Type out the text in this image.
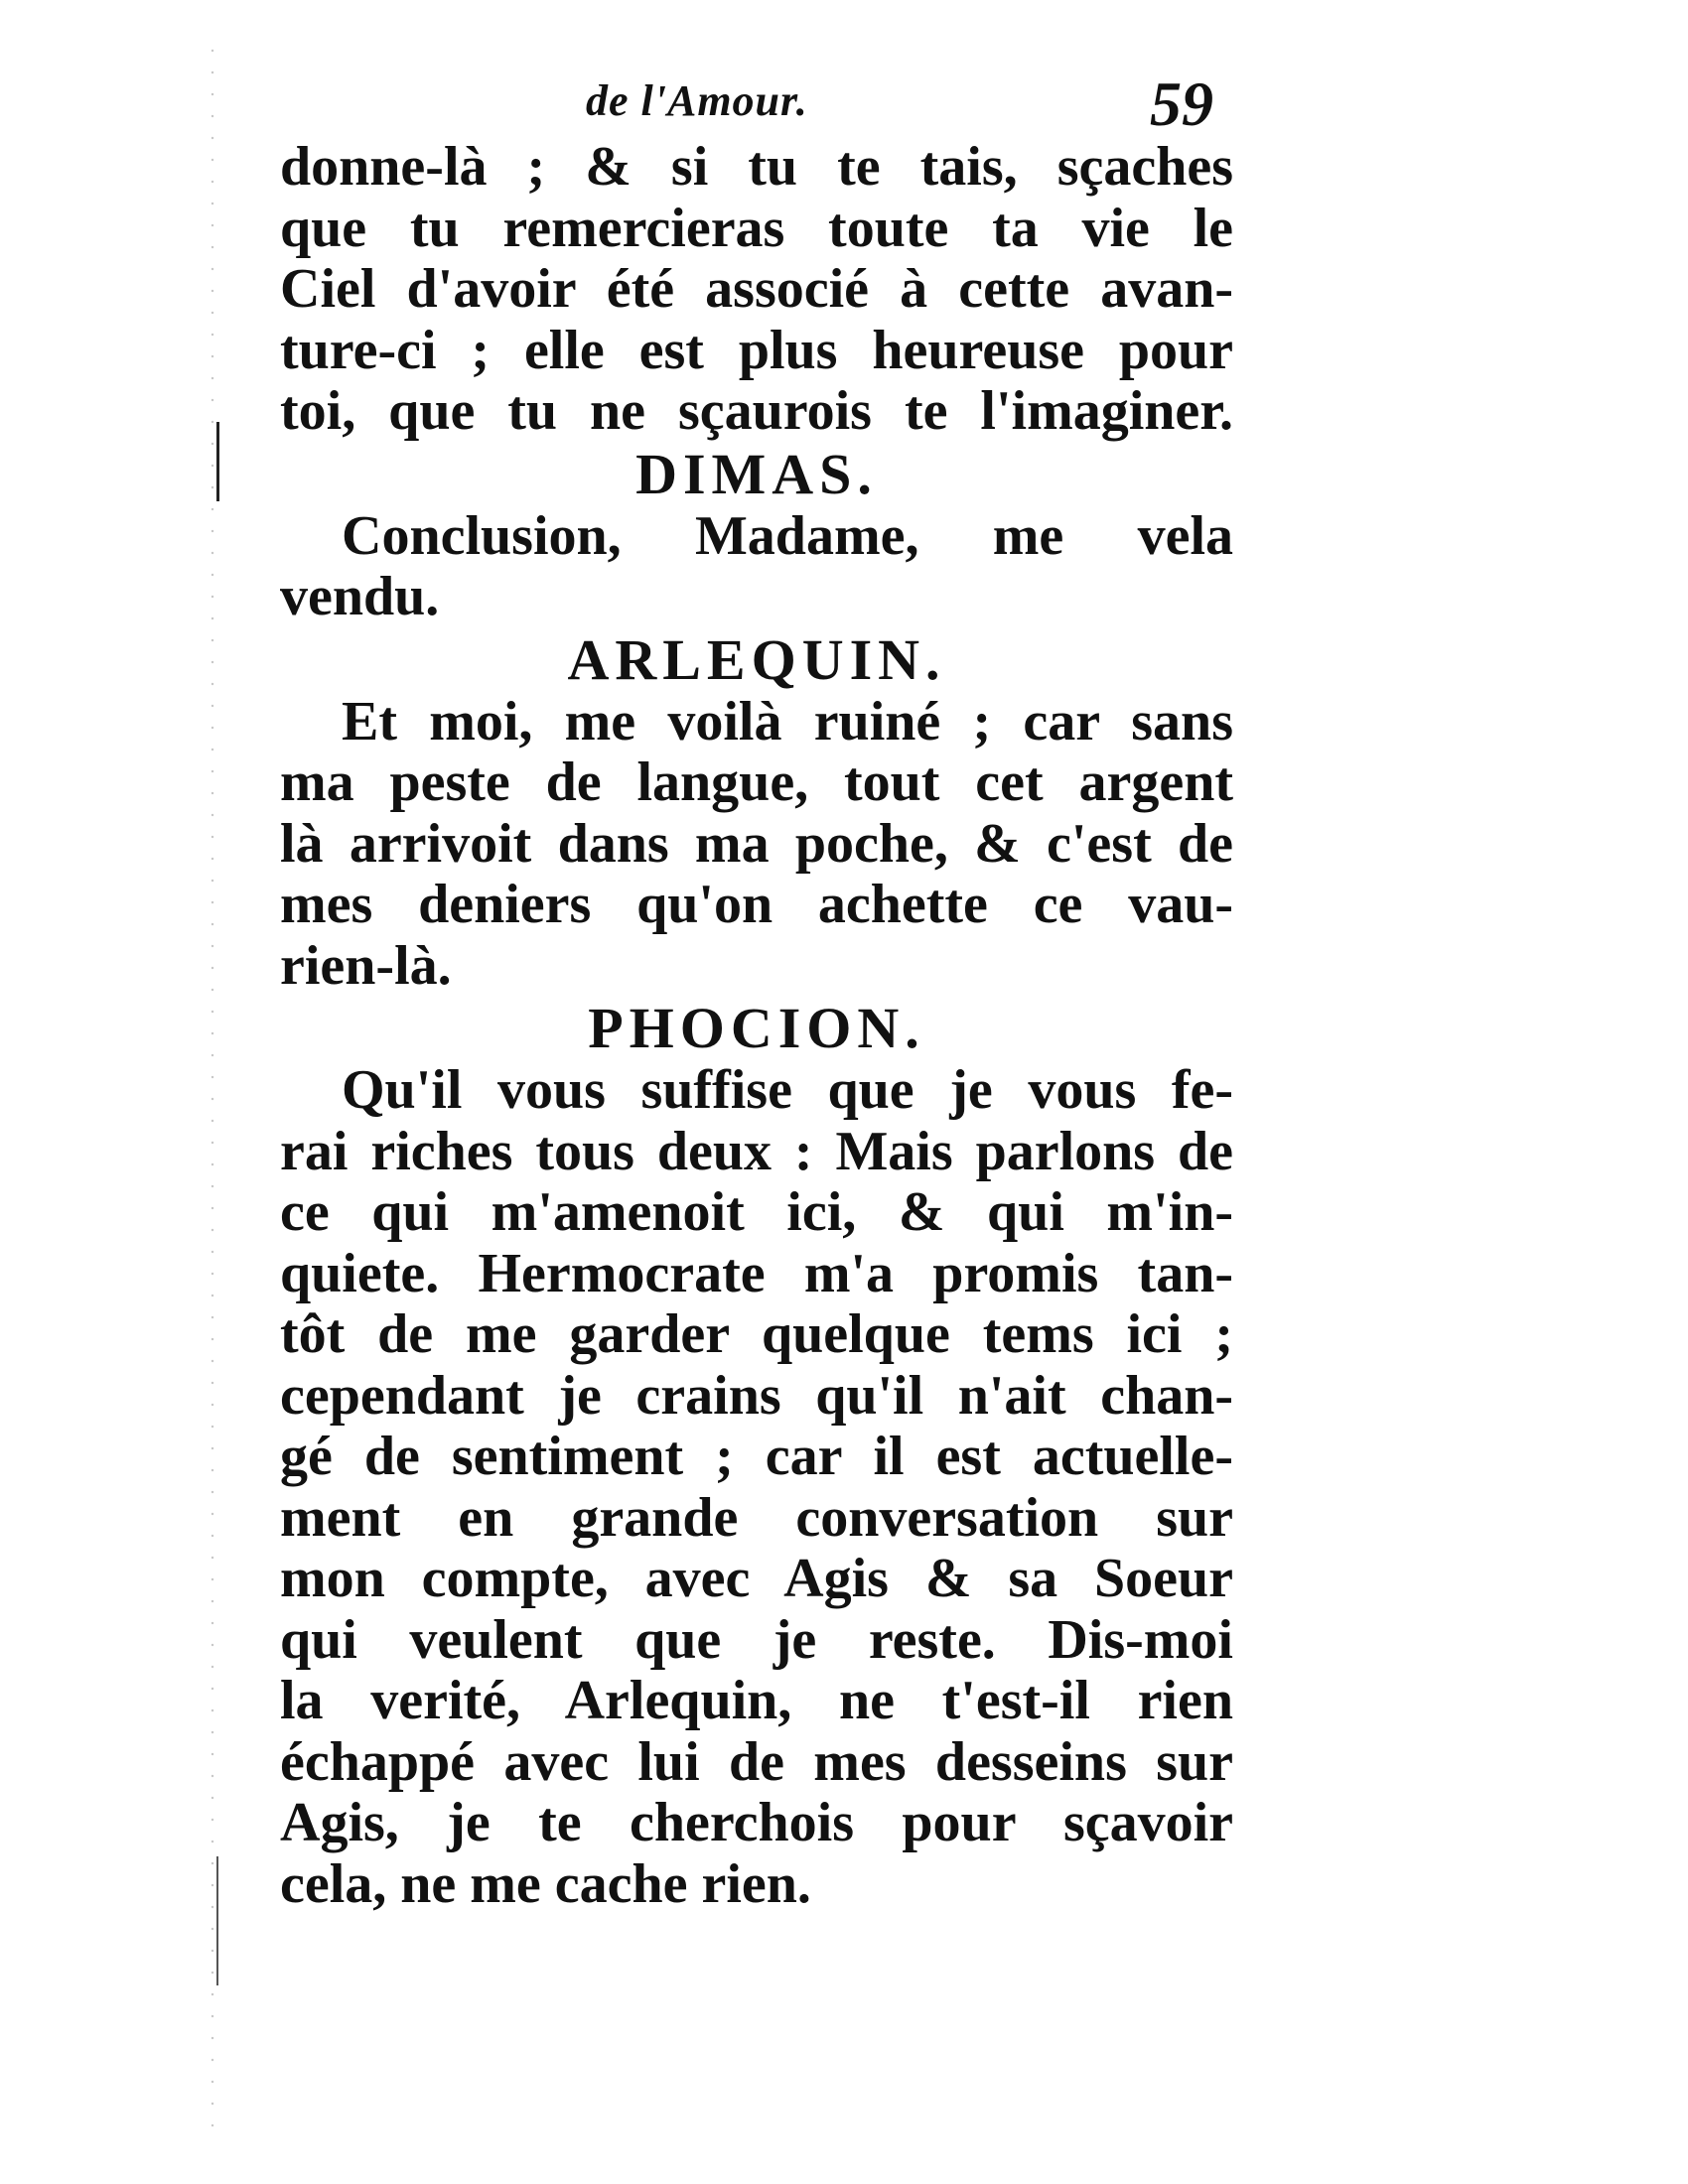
de l'Amour.	59
donne-là ; & si tu te tais, sçaches
que tu remercieras toute ta vie le
Ciel d'avoir été associé à cette avan-
ture-ci ; elle est plus heureuse pour
toi, que tu ne sçaurois te l'imaginer.
DIMAS.
Conclusion, Madame, me vela
vendu.
ARLEQUIN.
Et moi, me voilà ruiné ; car sans
ma peste de langue, tout cet argent
là arrivoit dans ma poche, & c'est de
mes deniers qu'on achette ce vau-
rien-là.
PHOCION.
Qu'il vous suffise que je vous fe-
rai riches tous deux : Mais parlons de
ce qui m'amenoit ici, & qui m'in-
quiete. Hermocrate m'a promis tan-
tôt de me garder quelque tems ici ;
cependant je crains qu'il n'ait chan-
gé de sentiment ; car il est actuelle-
ment en grande conversation sur
mon compte, avec Agis & sa Soeur
qui veulent que je reste. Dis-moi
la verité, Arlequin, ne t'est-il rien
échappé avec lui de mes desseins sur
Agis, je te cherchois pour sçavoir
cela, ne me cache rien.
